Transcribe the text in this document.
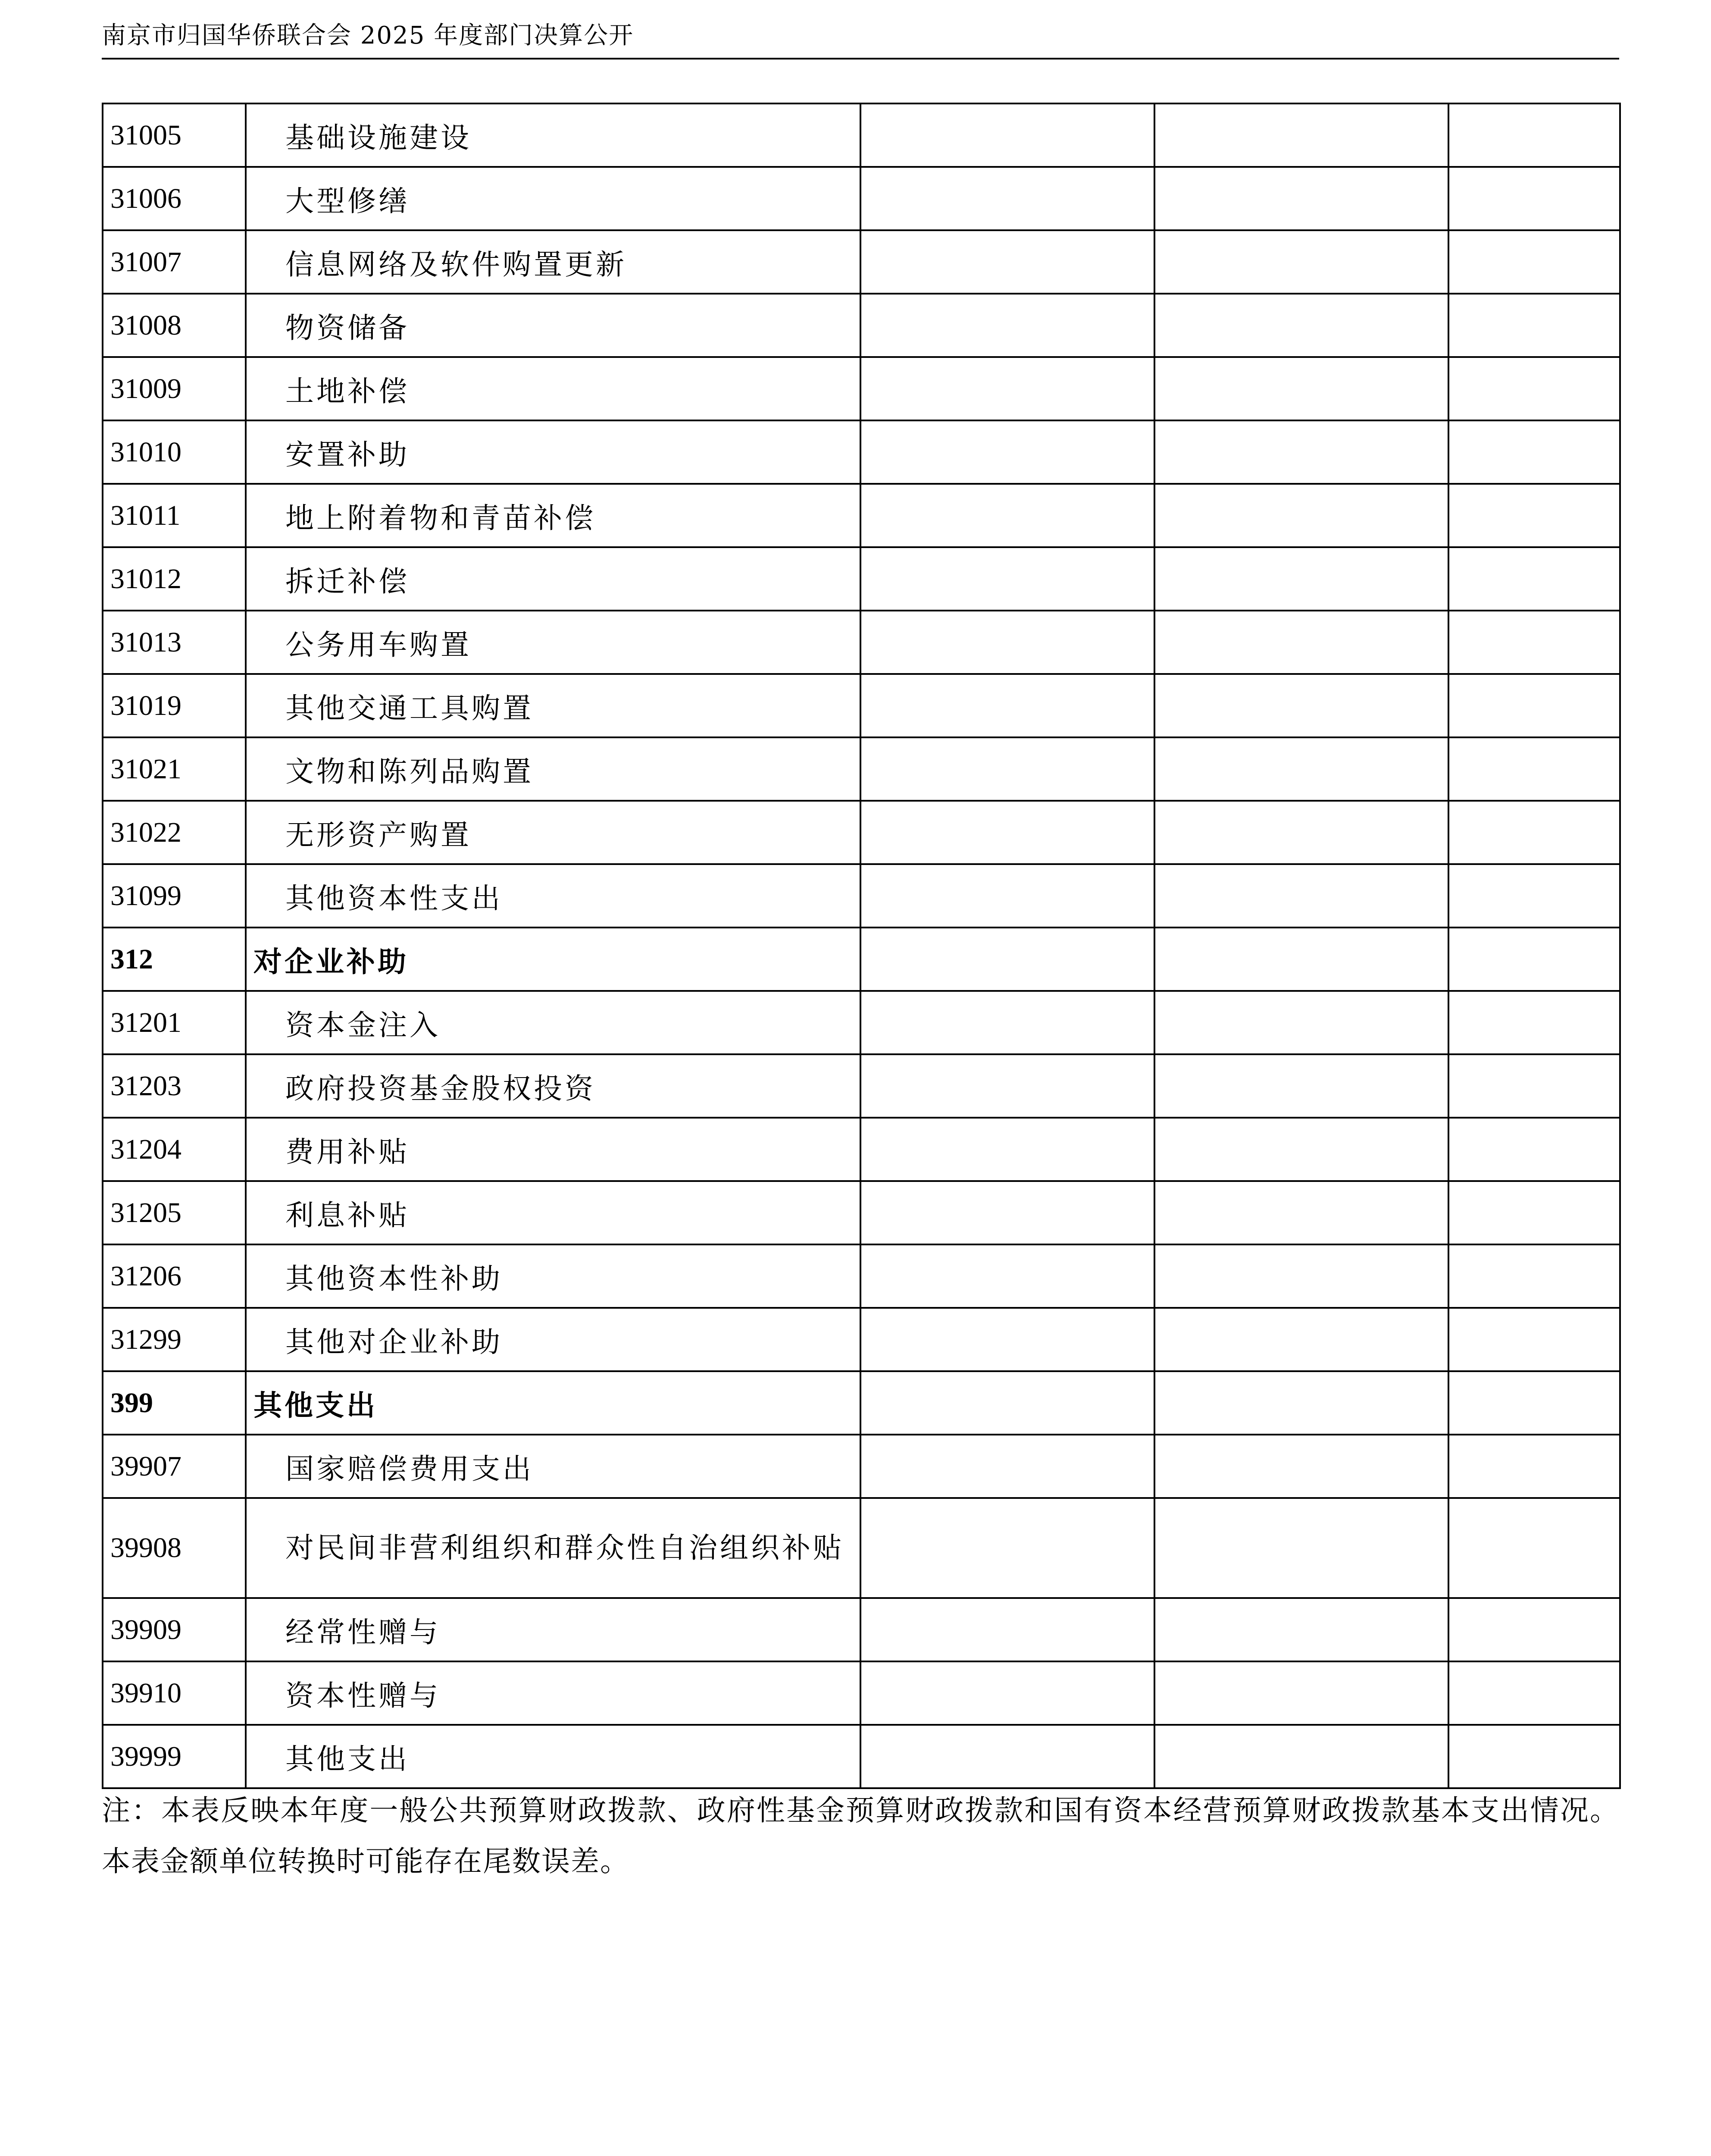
南京市归国华侨联合会 2025 年度部门决算公开
31005	基础设施建设			
31006	大型修缮			
31007	信息网络及软件购置更新			
31008	物资储备			
31009	土地补偿			
31010	安置补助			
31011	地上附着物和青苗补偿			
31012	拆迁补偿			
31013	公务用车购置			
31019	其他交通工具购置			
31021	文物和陈列品购置			
31022	无形资产购置			
31099	其他资本性支出			
312	对企业补助			
31201	资本金注入			
31203	政府投资基金股权投资			
31204	费用补贴			
31205	利息补贴			
31206	其他资本性补助			
31299	其他对企业补助			
399	其他支出			
39907	国家赔偿费用支出			
39908	对民间非营利组织和群众性自治组织补贴			
39909	经常性赠与			
39910	资本性赠与			
39999	其他支出			
注：本表反映本年度一般公共预算财政拨款、政府性基金预算财政拨款和国有资本经营预算财政拨款基本支出情况。本表金额单位转换时可能存在尾数误差。
